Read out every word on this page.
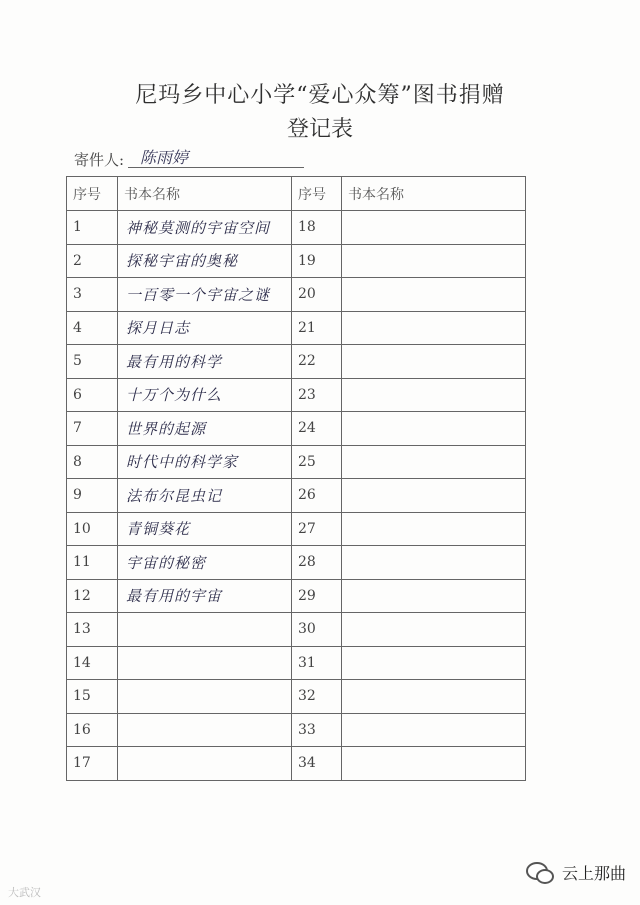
尼玛乡中心小学“爱心众筹”图书捐赠
登记表
寄件人: 陈雨婷
序号	书本名称	序号	书本名称
1	神秘莫测的宇宙空间	18	
2	探秘宇宙的奥秘	19	
3	一百零一个宇宙之谜	20	
4	探月日志	21	
5	最有用的科学	22	
6	十万个为什么	23	
7	世界的起源	24	
8	时代中的科学家	25	
9	法布尔昆虫记	26	
10	青铜葵花	27	
11	宇宙的秘密	28	
12	最有用的宇宙	29	
13		30	
14		31	
15		32	
16		33	
17		34	
大武汉
云上那曲
